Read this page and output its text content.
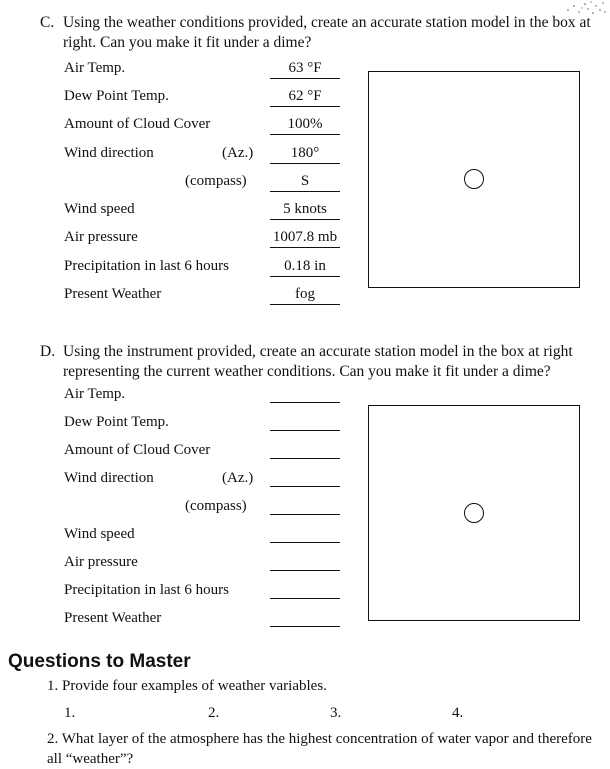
C. Using the weather conditions provided, create an accurate station model in the box at right. Can you make it fit under a dime?
Air Temp.	63 °F
Dew Point Temp.	62 °F
Amount of Cloud Cover	100%
Wind direction	(Az.)	180°
(compass)	S
Wind speed	5 knots
Air pressure	1007.8 mb
Precipitation in last 6 hours	0.18 in
Present Weather	fog
D. Using the instrument provided, create an accurate station model in the box at right representing the current weather conditions. Can you make it fit under a dime?
Air Temp.
Dew Point Temp.
Amount of Cloud Cover
Wind direction	(Az.)
(compass)
Wind speed
Air pressure
Precipitation in last 6 hours
Present Weather
Questions to Master
1. Provide four examples of weather variables.
1.	2.	3.	4.
2. What layer of the atmosphere has the highest concentration of water vapor and therefore all “weather”?
